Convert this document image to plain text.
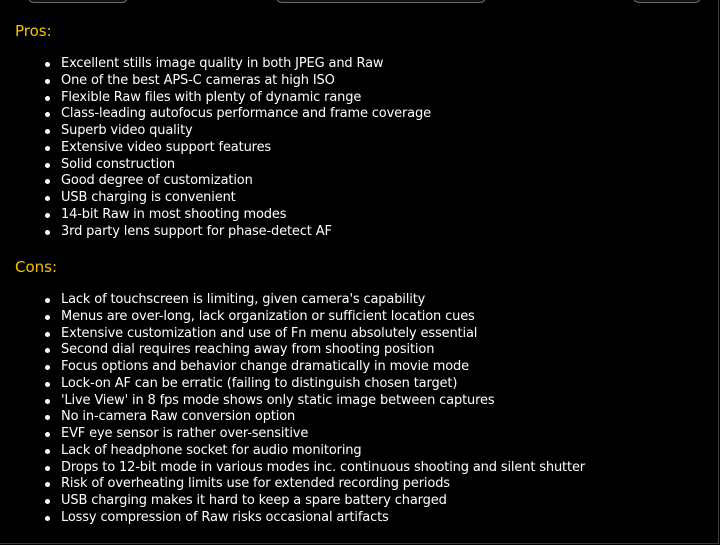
Pros:
Excellent stills image quality in both JPEG and Raw
One of the best APS-C cameras at high ISO
Flexible Raw files with plenty of dynamic range
Class-leading autofocus performance and frame coverage
Superb video quality
Extensive video support features
Solid construction
Good degree of customization
USB charging is convenient
14-bit Raw in most shooting modes
3rd party lens support for phase-detect AF
Cons:
Lack of touchscreen is limiting, given camera's capability
Menus are over-long, lack organization or sufficient location cues
Extensive customization and use of Fn menu absolutely essential
Second dial requires reaching away from shooting position
Focus options and behavior change dramatically in movie mode
Lock-on AF can be erratic (failing to distinguish chosen target)
'Live View' in 8 fps mode shows only static image between captures
No in-camera Raw conversion option
EVF eye sensor is rather over-sensitive
Lack of headphone socket for audio monitoring
Drops to 12-bit mode in various modes inc. continuous shooting and silent shutter
Risk of overheating limits use for extended recording periods
USB charging makes it hard to keep a spare battery charged
Lossy compression of Raw risks occasional artifacts
